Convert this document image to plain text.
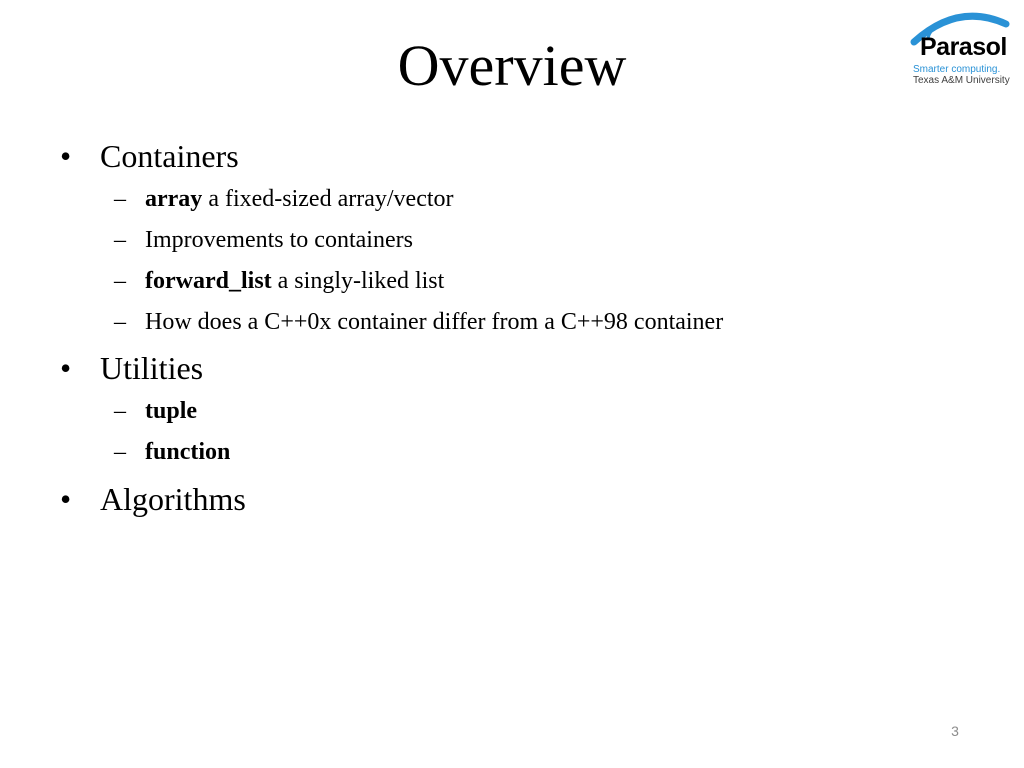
Overview	Parasol
Smarter computing.
Texas A&M University
• Containers
– array a fixed-sized array/vector
– Improvements to containers
– forward_list a singly-liked list
– How does a C++0x container differ from a C++98 container
• Utilities
– tuple
– function
• Algorithms
3
